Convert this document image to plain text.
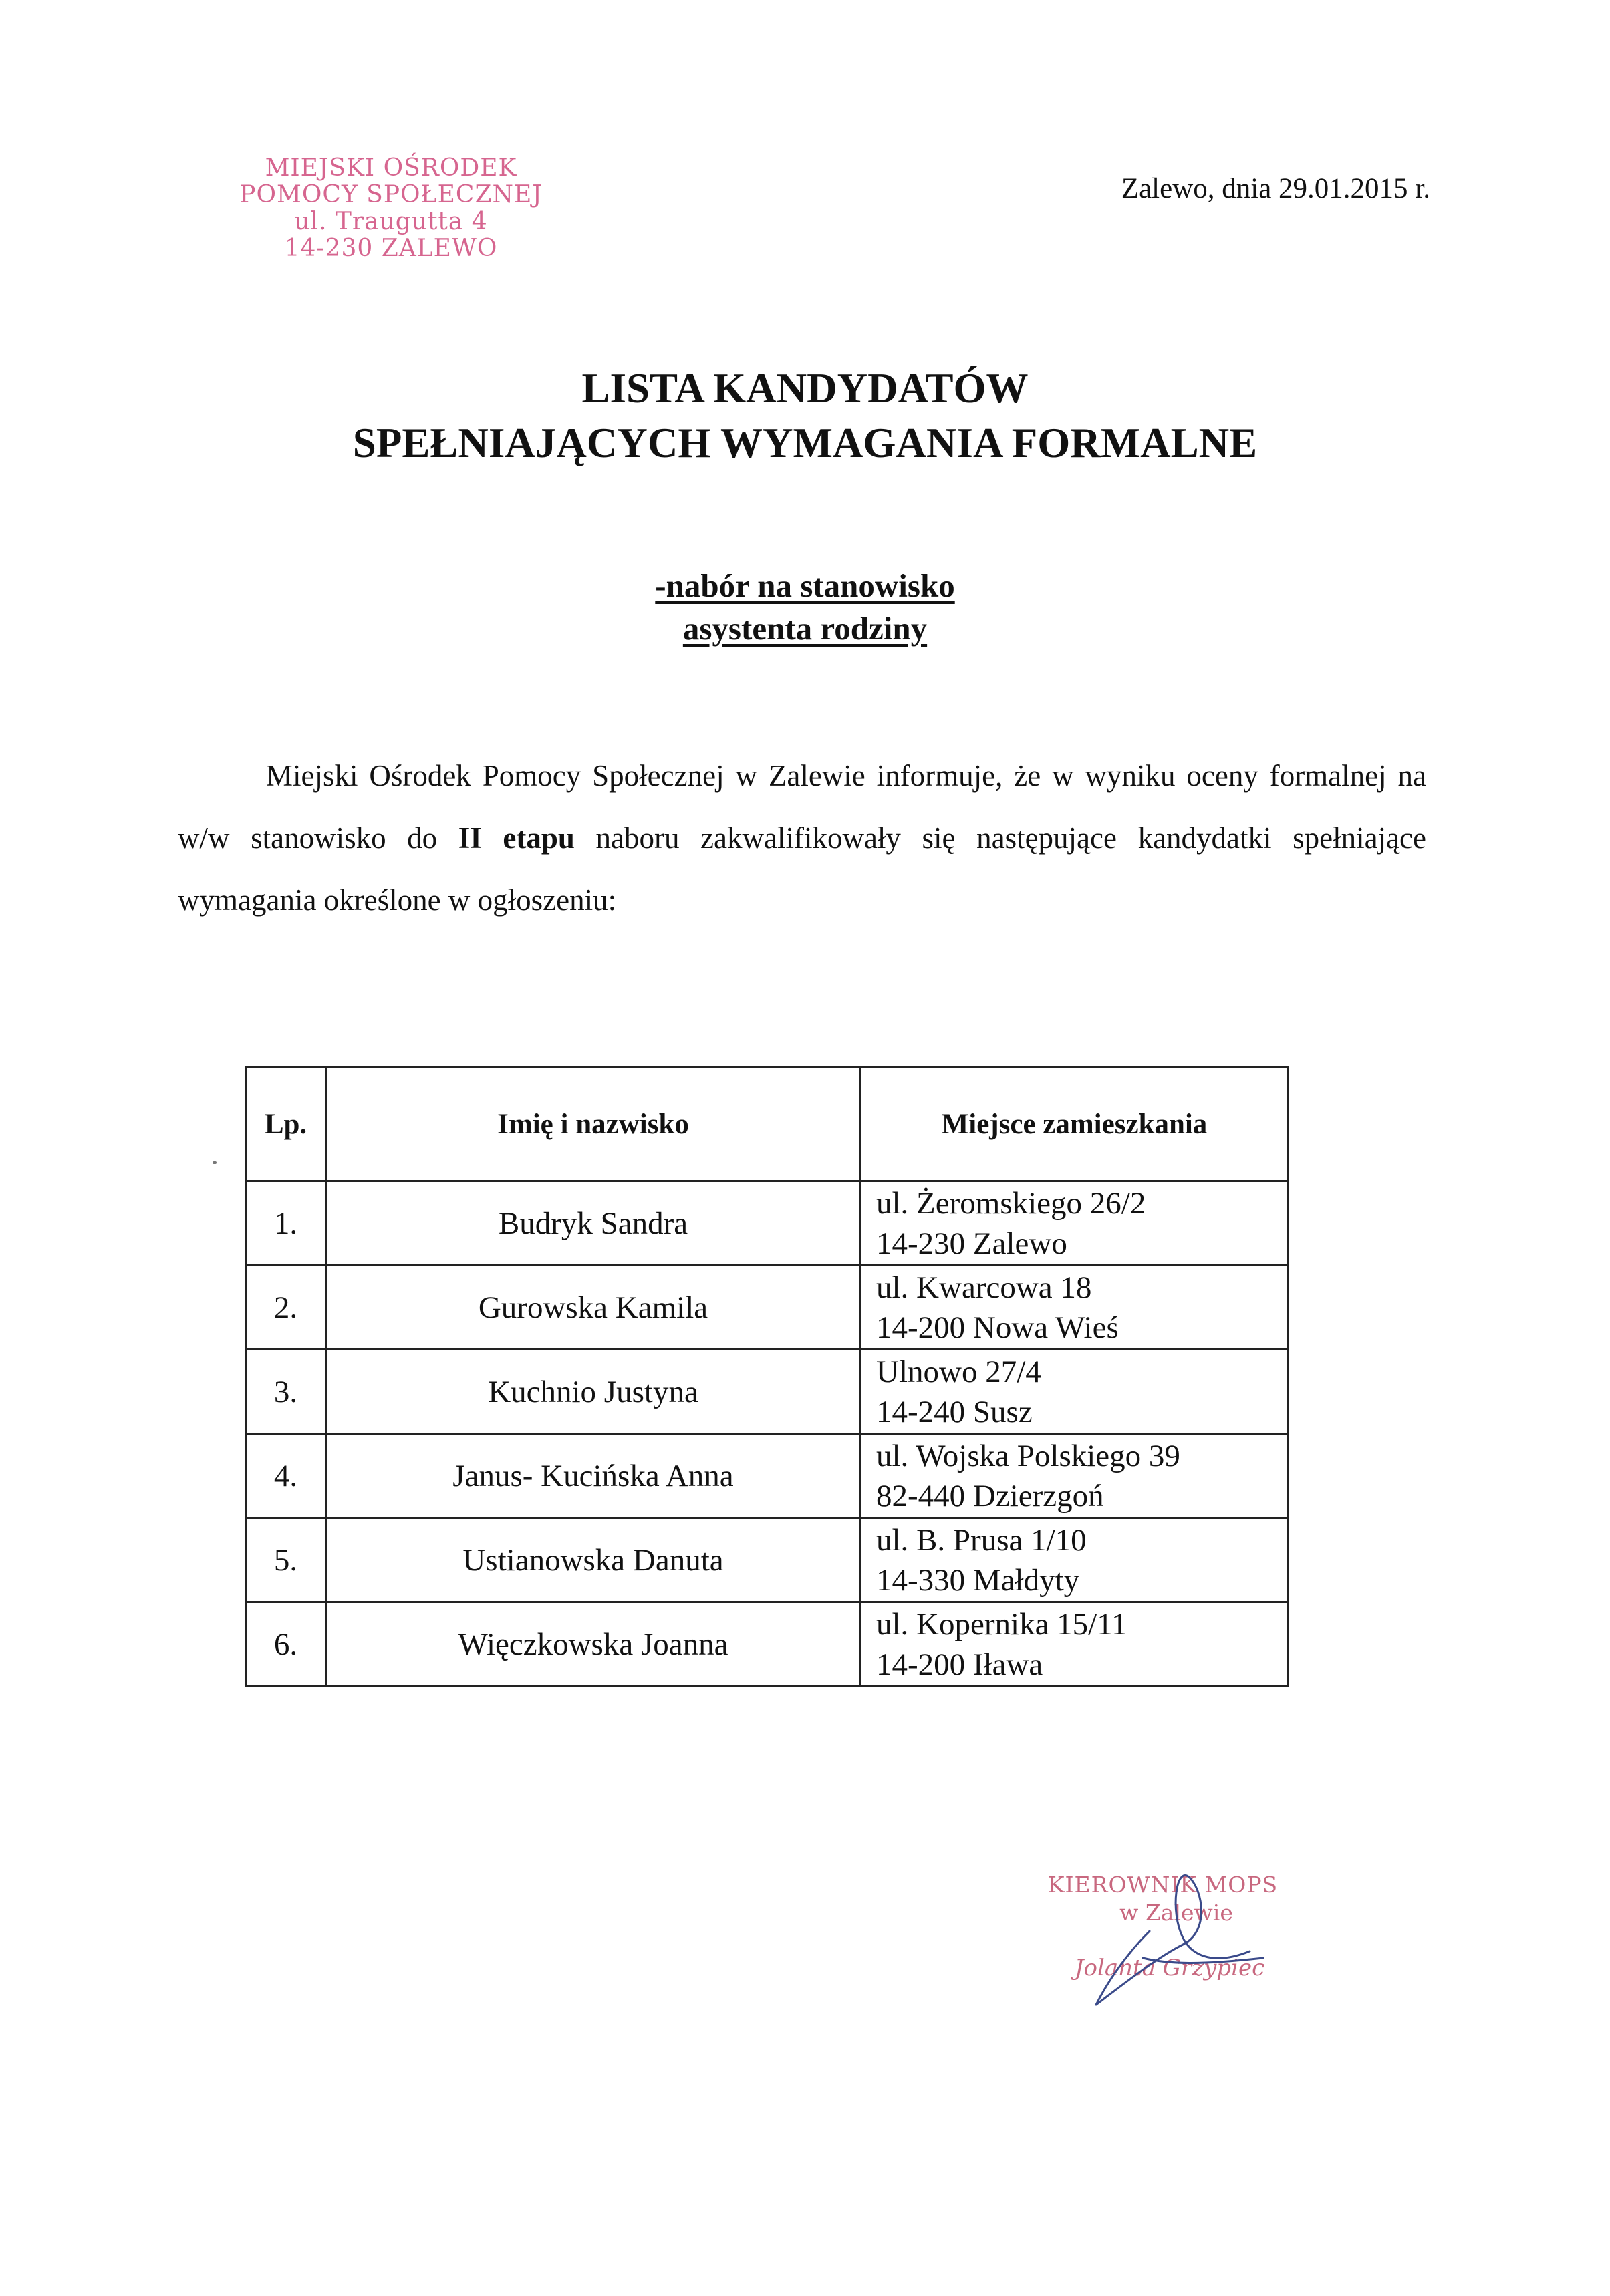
MIEJSKI OŚRODEK
POMOCY SPOŁECZNEJ
ul. Traugutta 4
14-230 ZALEWO
Zalewo, dnia 29.01.2015 r.
LISTA KANDYDATÓW
SPEŁNIAJĄCYCH WYMAGANIA FORMALNE
-nabór na stanowisko
asystenta rodziny
Miejski Ośrodek Pomocy Społecznej w Zalewie informuje, że w wyniku oceny formalnej na w/w stanowisko do II etapu naboru zakwalifikowały się następujące kandydatki spełniające wymagania określone w ogłoszeniu:
Lp.	Imię i nazwisko	Miejsce zamieszkania
1.	Budryk Sandra	ul. Żeromskiego 26/2
14-230 Zalewo

2.	Gurowska Kamila	ul. Kwarcowa 18
14-200 Nowa Wieś

3.	Kuchnio Justyna	Ulnowo 27/4
14-240 Susz

4.	Janus- Kucińska Anna	ul. Wojska Polskiego 39
82-440 Dzierzgoń

5.	Ustianowska Danuta	ul. B. Prusa 1/10
14-330 Małdyty

6.	Więczkowska Joanna	ul. Kopernika 15/11
14-200 Iława
KIEROWNIK MOPS
w Zalewie
Jolanta Grzypiec
